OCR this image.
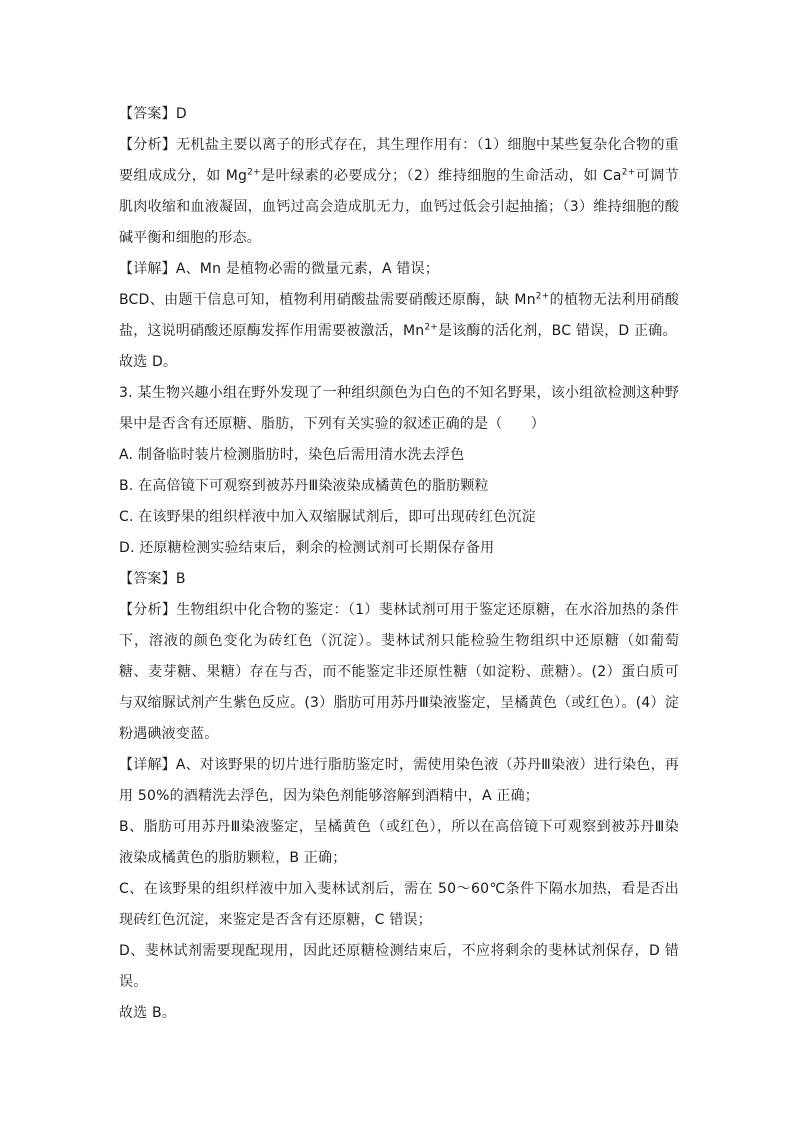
【答案】D

【分析】无机盐主要以离子的形式存在，其生理作用有：（1）细胞中某些复杂化合物的重要组成成分，如 $Mg^{2+}$是叶绿素的必要成分；（2）维持细胞的生命活动，如 $Ca^{2+}$可调节肌肉收缩和血液凝固，血钙过高会造成肌无力，血钙过低会引起抽搐；（3）维持细胞的酸碱平衡和细胞的形态。

【详解】A、Mn 是植物必需的微量元素，A 错误；

BCD、由题干信息可知，植物利用硝酸盐需要硝酸还原酶，缺 $Mn^{2+}$的植物无法利用硝酸盐，这说明硝酸还原酶发挥作用需要被激活，$Mn^{2+}$是该酶的活化剂，BC 错误，D 正确。

故选 D。

3. 某生物兴趣小组在野外发现了一种组织颜色为白色的不知名野果，该小组欲检测这种野果中是否含有还原糖、脂肪，下列有关实验的叙述正确的是（　　）

A. 制备临时装片检测脂肪时，染色后需用清水洗去浮色

B. 在高倍镜下可观察到被苏丹Ⅲ染液染成橘黄色的脂肪颗粒

C. 在该野果的组织样液中加入双缩脲试剂后，即可出现砖红色沉淀

D. 还原糖检测实验结束后，剩余的检测试剂可长期保存备用

【答案】B

【分析】生物组织中化合物的鉴定：（1）斐林试剂可用于鉴定还原糖，在水浴加热的条件下，溶液的颜色变化为砖红色（沉淀）。斐林试剂只能检验生物组织中还原糖（如葡萄糖、麦芽糖、果糖）存在与否，而不能鉴定非还原性糖（如淀粉、蔗糖）。(2）蛋白质可与双缩脲试剂产生紫色反应。(3）脂肪可用苏丹Ⅲ染液鉴定，呈橘黄色（或红色）。(4）淀粉遇碘液变蓝。

【详解】A、对该野果的切片进行脂肪鉴定时，需使用染色液（苏丹Ⅲ染液）进行染色，再用 50%的酒精洗去浮色，因为染色剂能够溶解到酒精中，A 正确；

B、脂肪可用苏丹Ⅲ染液鉴定，呈橘黄色（或红色），所以在高倍镜下可观察到被苏丹Ⅲ染液染成橘黄色的脂肪颗粒，B 正确；

C、在该野果的组织样液中加入斐林试剂后，需在 50～60℃条件下隔水加热，看是否出现砖红色沉淀，来鉴定是否含有还原糖，C 错误；

D、斐林试剂需要现配现用，因此还原糖检测结束后，不应将剩余的斐林试剂保存，D 错误。

故选 B。
